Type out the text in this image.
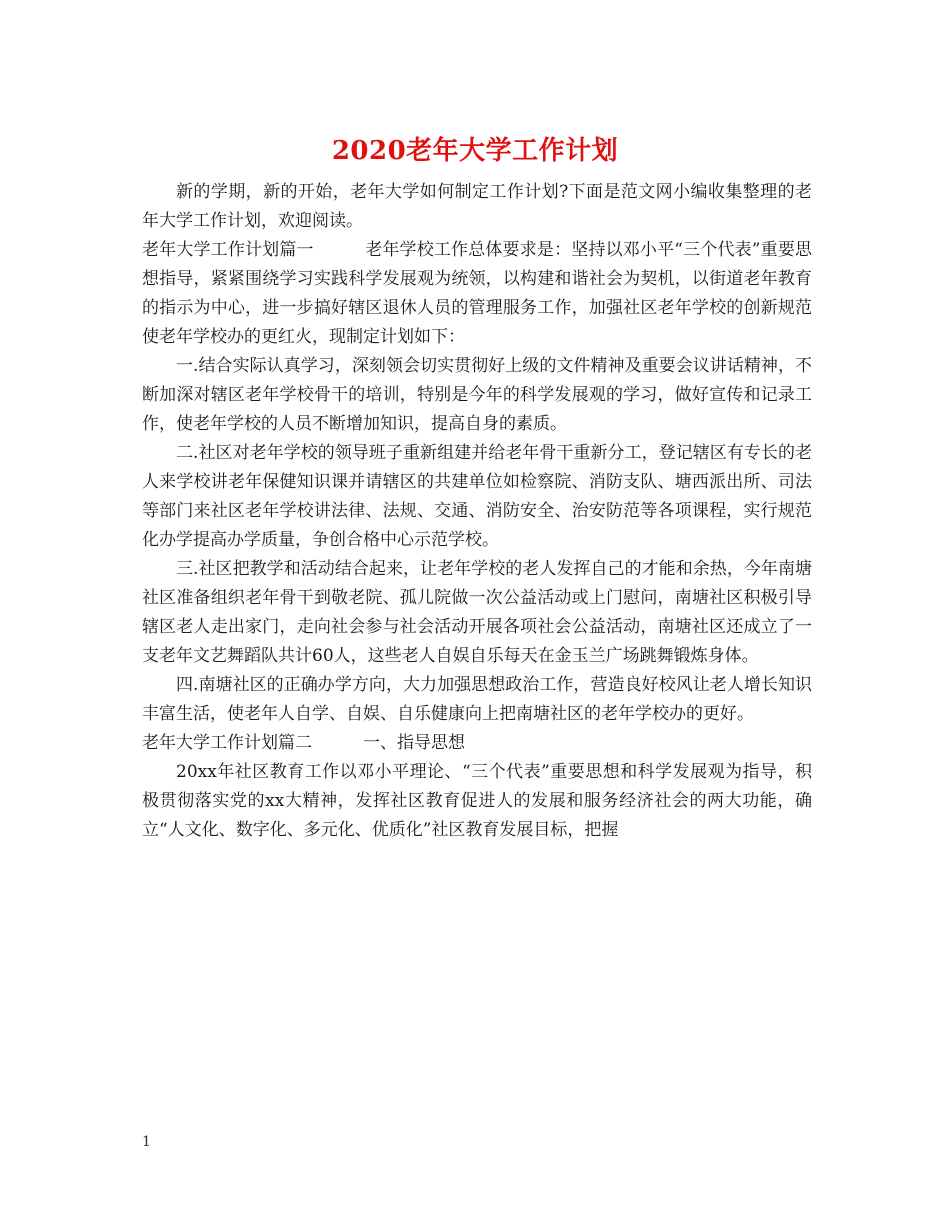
2020老年大学工作计划

新的学期，新的开始，老年大学如何制定工作计划?下面是范文网小编收集整理的老年大学工作计划，欢迎阅读。

老年大学工作计划篇一　　　老年学校工作总体要求是：坚持以邓小平“三个代表”重要思想指导，紧紧围绕学习实践科学发展观为统领，以构建和谐社会为契机，以街道老年教育的指示为中心，进一步搞好辖区退休人员的管理服务工作，加强社区老年学校的创新规范使老年学校办的更红火，现制定计划如下：

一.结合实际认真学习，深刻领会切实贯彻好上级的文件精神及重要会议讲话精神，不断加深对辖区老年学校骨干的培训，特别是今年的科学发展观的学习，做好宣传和记录工作，使老年学校的人员不断增加知识，提高自身的素质。

二.社区对老年学校的领导班子重新组建并给老年骨干重新分工，登记辖区有专长的老人来学校讲老年保健知识课并请辖区的共建单位如检察院、消防支队、塘西派出所、司法等部门来社区老年学校讲法律、法规、交通、消防安全、治安防范等各项课程，实行规范化办学提高办学质量，争创合格中心示范学校。

三.社区把教学和活动结合起来，让老年学校的老人发挥自己的才能和余热，今年南塘社区准备组织老年骨干到敬老院、孤儿院做一次公益活动或上门慰问，南塘社区积极引导辖区老人走出家门，走向社会参与社会活动开展各项社会公益活动，南塘社区还成立了一支老年文艺舞蹈队共计60人，这些老人自娱自乐每天在金玉兰广场跳舞锻炼身体。

四.南塘社区的正确办学方向，大力加强思想政治工作，营造良好校风让老人增长知识丰富生活，使老年人自学、自娱、自乐健康向上把南塘社区的老年学校办的更好。

老年大学工作计划篇二　　　一、指导思想

20xx年社区教育工作以邓小平理论、“三个代表”重要思想和科学发展观为指导，积极贯彻落实党的xx大精神，发挥社区教育促进人的发展和服务经济社会的两大功能，确立“人文化、数字化、多元化、优质化”社区教育发展目标，把握

1
